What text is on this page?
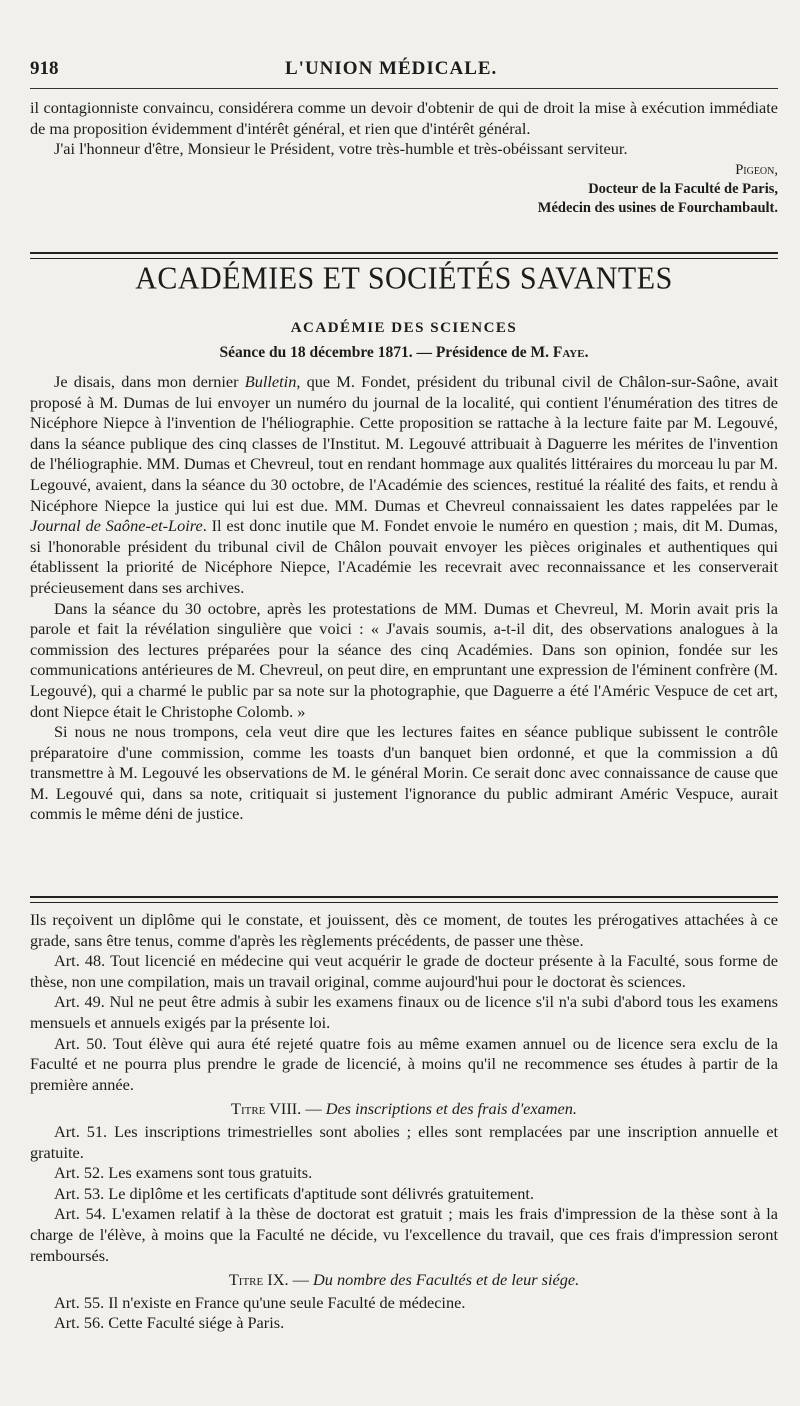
918	L'UNION MÉDICALE.

il contagionniste convaincu, considérera comme un devoir d'obtenir de qui de droit la mise à exécution immédiate de ma proposition évidemment d'intérêt général, et rien que d'intérêt général.

J'ai l'honneur d'être, Monsieur le Président, votre très-humble et très-obéissant serviteur.

Pigeon,

Docteur de la Faculté de Paris,

Médecin des usines de Fourchambault.

ACADÉMIES ET SOCIÉTÉS SAVANTES
ACADÉMIE DES SCIENCES
Séance du 18 décembre 1871. — Présidence de M. Faye.

Je disais, dans mon dernier Bulletin, que M. Fondet, président du tribunal civil de Châlon-sur-Saône, avait proposé à M. Dumas de lui envoyer un numéro du journal de la localité, qui contient l'énumération des titres de Nicéphore Niepce à l'invention de l'héliographie. Cette proposition se rattache à la lecture faite par M. Legouvé, dans la séance publique des cinq classes de l'Institut. M. Legouvé attribuait à Daguerre les mérites de l'invention de l'héliographie. MM. Dumas et Chevreul, tout en rendant hommage aux qualités littéraires du morceau lu par M. Legouvé, avaient, dans la séance du 30 octobre, de l'Académie des sciences, restitué la réalité des faits, et rendu à Nicéphore Niepce la justice qui lui est due. MM. Dumas et Chevreul connaissaient les dates rappelées par le Journal de Saône-et-Loire. Il est donc inutile que M. Fondet envoie le numéro en question ; mais, dit M. Dumas, si l'honorable président du tribunal civil de Châlon pouvait envoyer les pièces originales et authentiques qui établissent la priorité de Nicéphore Niepce, l'Académie les recevrait avec reconnaissance et les conserverait précieusement dans ses archives.

Dans la séance du 30 octobre, après les protestations de MM. Dumas et Chevreul, M. Morin avait pris la parole et fait la révélation singulière que voici : « J'avais soumis, a-t-il dit, des observations analogues à la commission des lectures préparées pour la séance des cinq Académies. Dans son opinion, fondée sur les communications antérieures de M. Chevreul, on peut dire, en empruntant une expression de l'éminent confrère (M. Legouvé), qui a charmé le public par sa note sur la photographie, que Daguerre a été l'Améric Vespuce de cet art, dont Niepce était le Christophe Colomb. »

Si nous ne nous trompons, cela veut dire que les lectures faites en séance publique subissent le contrôle préparatoire d'une commission, comme les toasts d'un banquet bien ordonné, et que la commission a dû transmettre à M. Legouvé les observations de M. le général Morin. Ce serait donc avec connaissance de cause que M. Legouvé qui, dans sa note, critiquait si justement l'ignorance du public admirant Améric Vespuce, aurait commis le même déni de justice.

Ils reçoivent un diplôme qui le constate, et jouissent, dès ce moment, de toutes les prérogatives attachées à ce grade, sans être tenus, comme d'après les règlements précédents, de passer une thèse.

Art. 48. Tout licencié en médecine qui veut acquérir le grade de docteur présente à la Faculté, sous forme de thèse, non une compilation, mais un travail original, comme aujourd'hui pour le doctorat ès sciences.

Art. 49. Nul ne peut être admis à subir les examens finaux ou de licence s'il n'a subi d'abord tous les examens mensuels et annuels exigés par la présente loi.

Art. 50. Tout élève qui aura été rejeté quatre fois au même examen annuel ou de licence sera exclu de la Faculté et ne pourra plus prendre le grade de licencié, à moins qu'il ne recommence ses études à partir de la première année.

Titre VIII. — Des inscriptions et des frais d'examen.

Art. 51. Les inscriptions trimestrielles sont abolies ; elles sont remplacées par une inscription annuelle et gratuite.

Art. 52. Les examens sont tous gratuits.

Art. 53. Le diplôme et les certificats d'aptitude sont délivrés gratuitement.

Art. 54. L'examen relatif à la thèse de doctorat est gratuit ; mais les frais d'impression de la thèse sont à la charge de l'élève, à moins que la Faculté ne décide, vu l'excellence du travail, que ces frais d'impression seront remboursés.

Titre IX. — Du nombre des Facultés et de leur siége.

Art. 55. Il n'existe en France qu'une seule Faculté de médecine.

Art. 56. Cette Faculté siége à Paris.
